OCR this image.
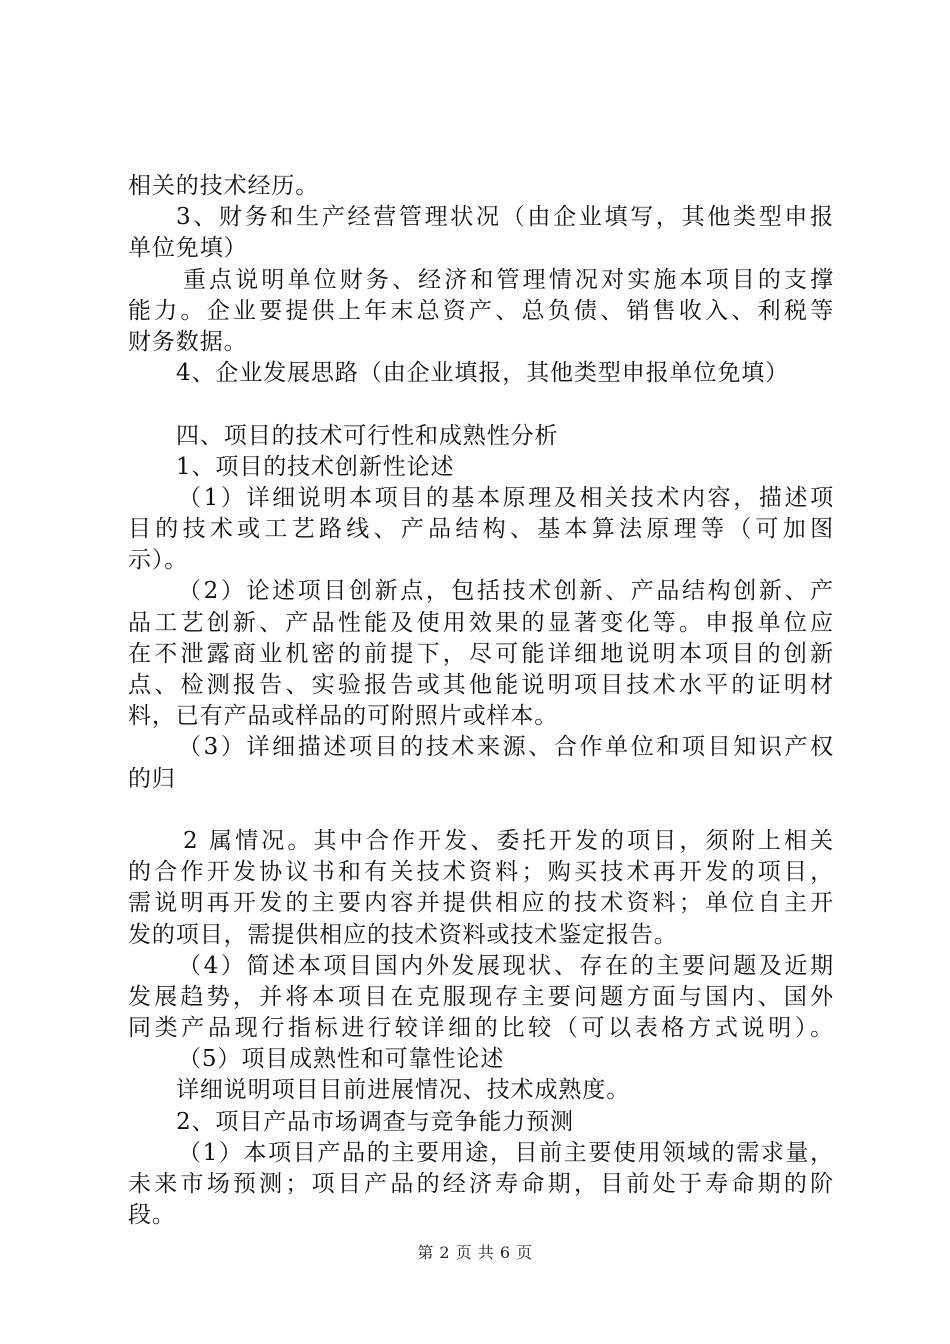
相关的技术经历。
3、财务和生产经营管理状况（由企业填写，其他类型申报
单位免填）
重点说明单位财务、经济和管理情况对实施本项目的支撑
能力。企业要提供上年末总资产、总负债、销售收入、利税等
财务数据。
4、企业发展思路（由企业填报，其他类型申报单位免填）
四、项目的技术可行性和成熟性分析
1、项目的技术创新性论述
（1）详细说明本项目的基本原理及相关技术内容，描述项
目的技术或工艺路线、产品结构、基本算法原理等（可加图
示）。
（2）论述项目创新点，包括技术创新、产品结构创新、产
品工艺创新、产品性能及使用效果的显著变化等。申报单位应
在不泄露商业机密的前提下，尽可能详细地说明本项目的创新
点、检测报告、实验报告或其他能说明项目技术水平的证明材
料，已有产品或样品的可附照片或样本。
（3）详细描述项目的技术来源、合作单位和项目知识产权
的归
2 属情况。其中合作开发、委托开发的项目，须附上相关
的合作开发协议书和有关技术资料；购买技术再开发的项目，
需说明再开发的主要内容并提供相应的技术资料；单位自主开
发的项目，需提供相应的技术资料或技术鉴定报告。
（4）简述本项目国内外发展现状、存在的主要问题及近期
发展趋势，并将本项目在克服现存主要问题方面与国内、国外
同类产品现行指标进行较详细的比较（可以表格方式说明）。
（5）项目成熟性和可靠性论述
详细说明项目目前进展情况、技术成熟度。
2、项目产品市场调查与竞争能力预测
（1）本项目产品的主要用途，目前主要使用领域的需求量，
未来市场预测；项目产品的经济寿命期，目前处于寿命期的阶
段。
第 2 页 共 6 页
